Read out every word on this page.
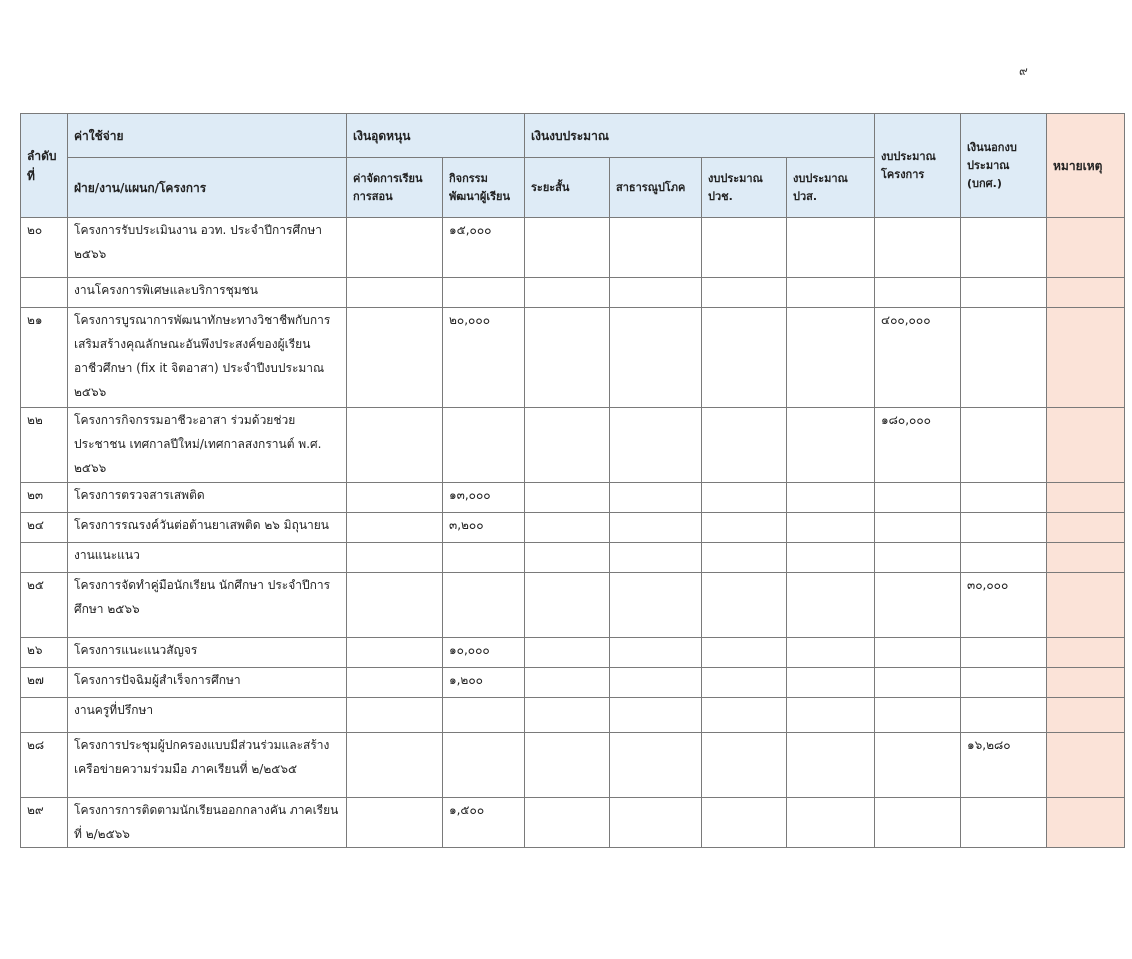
๙
ลำดับที่	ค่าใช้จ่าย	เงินอุดหนุน		เงินงบประมาณ				งบประมาณโครงการ	เงินนอกงบประมาณ (บกศ.)	หมายเหตุ
	ฝ่าย/งาน/แผนก/โครงการ	ค่าจัดการเรียนการสอน	กิจกรรมพัฒนาผู้เรียน	ระยะสั้น	สาธารณูปโภค	งบประมาณ ปวช.	งบประมาณ ปวส.			
๒๐	โครงการรับประเมินงาน อวท. ประจำปีการศึกษา ๒๕๖๖		๑๕,๐๐๐							
	งานโครงการพิเศษและบริการชุมชน									
๒๑	โครงการบูรณาการพัฒนาทักษะทางวิชาชีพกับการเสริมสร้างคุณลักษณะอันพึงประสงค์ของผู้เรียนอาชีวศึกษา (fix it จิตอาสา) ประจำปีงบประมาณ ๒๕๖๖		๒๐,๐๐๐					๔๐๐,๐๐๐		
๒๒	โครงการกิจกรรมอาชีวะอาสา ร่วมด้วยช่วยประชาชน เทศกาลปีใหม่/เทศกาลสงกรานต์ พ.ศ. ๒๕๖๖							๑๘๐,๐๐๐		
๒๓	โครงการตรวจสารเสพติด		๑๓,๐๐๐							
๒๔	โครงการรณรงค์วันต่อต้านยาเสพติด ๒๖ มิถุนายน		๓,๒๐๐							
	งานแนะแนว									
๒๕	โครงการจัดทำคู่มือนักเรียน นักศึกษา ประจำปีการศึกษา ๒๕๖๖								๓๐,๐๐๐	
๒๖	โครงการแนะแนวสัญจร		๑๐,๐๐๐							
๒๗	โครงการปัจฉิมผู้สำเร็จการศึกษา		๑,๒๐๐							
	งานครูที่ปรึกษา									
๒๘	โครงการประชุมผู้ปกครองแบบมีส่วนร่วมและสร้างเครือข่ายความร่วมมือ ภาคเรียนที่ ๒/๒๕๖๕								๑๖,๒๘๐	
๒๙	โครงการการติดตามนักเรียนออกกลางคัน ภาคเรียนที่ ๒/๒๕๖๖		๑,๕๐๐							
